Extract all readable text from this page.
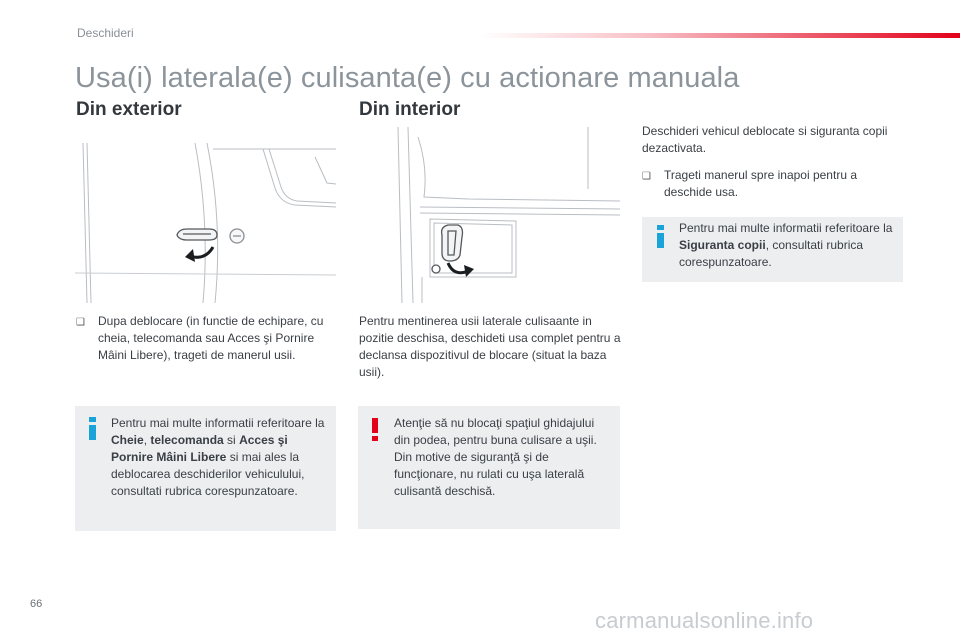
Deschideri
Usa(i) laterala(e) culisanta(e) cu actionare manuala
Din exterior	Din interior
❑	Dupa deblocare (in functie de echipare, cu cheia, telecomanda sau Acces şi Pornire Mâini Libere), trageti de manerul usii.
Pentru mentinerea usii laterale culisaante in pozitie deschisa, deschideti usa complet pentru a declansa dispozitivul de blocare (situat la baza usii).
Pentru mai multe informatii referitoare la Cheie, telecomanda si Acces şi Pornire Mâini Libere si mai ales la deblocarea deschiderilor vehiculului, consultati rubrica corespunzatoare.
Atenţie să nu blocaţi spaţiul ghidajului din podea, pentru buna culisare a uşii. Din motive de siguranţă şi de funcţionare, nu rulati cu uşa laterală culisantă deschisă.
Deschideri vehicul deblocate si siguranta copii dezactivata.
❑	Trageti manerul spre inapoi pentru a deschide usa.
Pentru mai multe informatii referitoare la Siguranta copii, consultati rubrica corespunzatoare.
66
carmanualsonline.info
